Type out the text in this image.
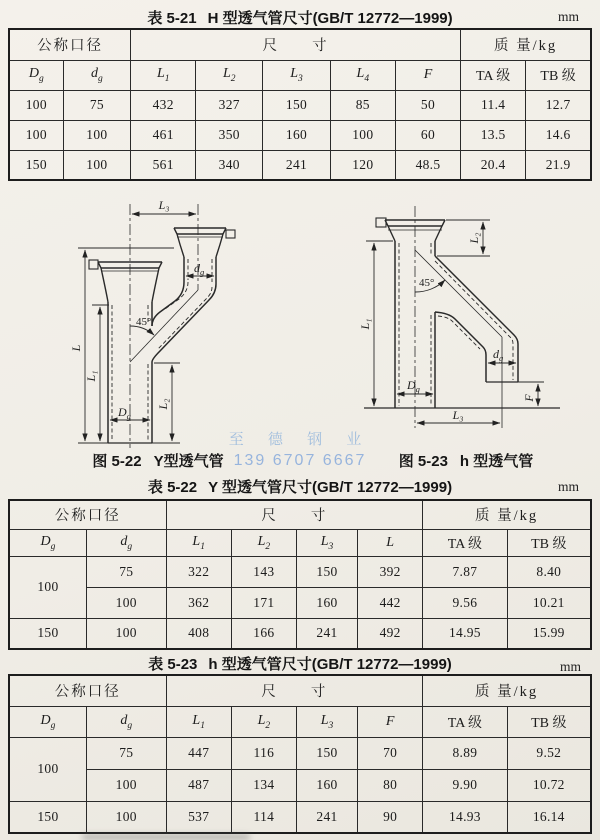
表 5-21 H 型透气管尺寸(GB/T 12772—1999)	mm
公称口径		尺　　寸					质 量/kg	
$D_g$	$d_g$	$L_1$	$L_2$	$L_3$	$L_4$	F	TA 级	TB 级
100	75	432	327	150	85	50	11.4	12.7
100	100	461	350	160	100	60	13.5	14.6
150	100	561	340	241	120	48.5	20.4	21.9
L₃
L
L₁
L₂
45°
$d_g$
$D_g$
L₂
L₁
45°
$d_g$
$D_g$
F
L₃
至 德 钢 业
139 6707 6667
图 5-22 Y型透气管	图 5-23 h 型透气管
表 5-22 Y 型透气管尺寸(GB/T 12772—1999)	mm
公称口径		尺　　寸				质 量/kg	
$D_g$	$d_g$	$L_1$	$L_2$	$L_3$	L	TA 级	TB 级
100	75	322	143	150	392	7.87	8.40
	100	362	171	160	442	9.56	10.21
150	100	408	166	241	492	14.95	15.99
表 5-23 h 型透气管尺寸(GB/T 12772—1999)	mm
公称口径		尺　　寸				质 量/kg	
$D_g$	$d_g$	$L_1$	$L_2$	$L_3$	F	TA 级	TB 级
100	75	447	116	150	70	8.89	9.52
	100	487	134	160	80	9.90	10.72
150	100	537	114	241	90	14.93	16.14
